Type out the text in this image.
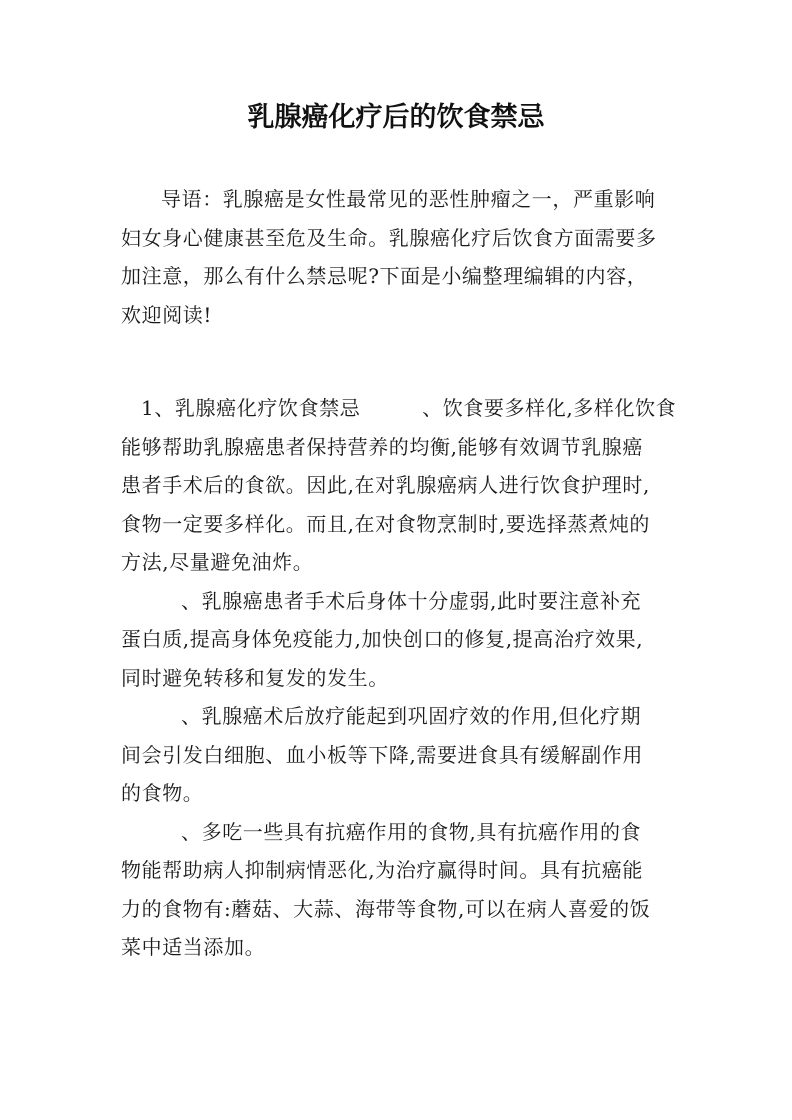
乳腺癌化疗后的饮食禁忌
导语：乳腺癌是女性最常见的恶性肿瘤之一，严重影响
妇女身心健康甚至危及生命。乳腺癌化疗后饮食方面需要多
加注意，那么有什么禁忌呢?下面是小编整理编辑的内容，
欢迎阅读!
1、乳腺癌化疗饮食禁忌　　　、饮食要多样化,多样化饮食
能够帮助乳腺癌患者保持营养的均衡,能够有效调节乳腺癌
患者手术后的食欲。因此,在对乳腺癌病人进行饮食护理时,
食物一定要多样化。而且,在对食物烹制时,要选择蒸煮炖的
方法,尽量避免油炸。
、乳腺癌患者手术后身体十分虚弱,此时要注意补充
蛋白质,提高身体免疫能力,加快创口的修复,提高治疗效果,
同时避免转移和复发的发生。
、乳腺癌术后放疗能起到巩固疗效的作用,但化疗期
间会引发白细胞、血小板等下降,需要进食具有缓解副作用
的食物。
、多吃一些具有抗癌作用的食物,具有抗癌作用的食
物能帮助病人抑制病情恶化,为治疗赢得时间。具有抗癌能
力的食物有:蘑菇、大蒜、海带等食物,可以在病人喜爱的饭
菜中适当添加。
